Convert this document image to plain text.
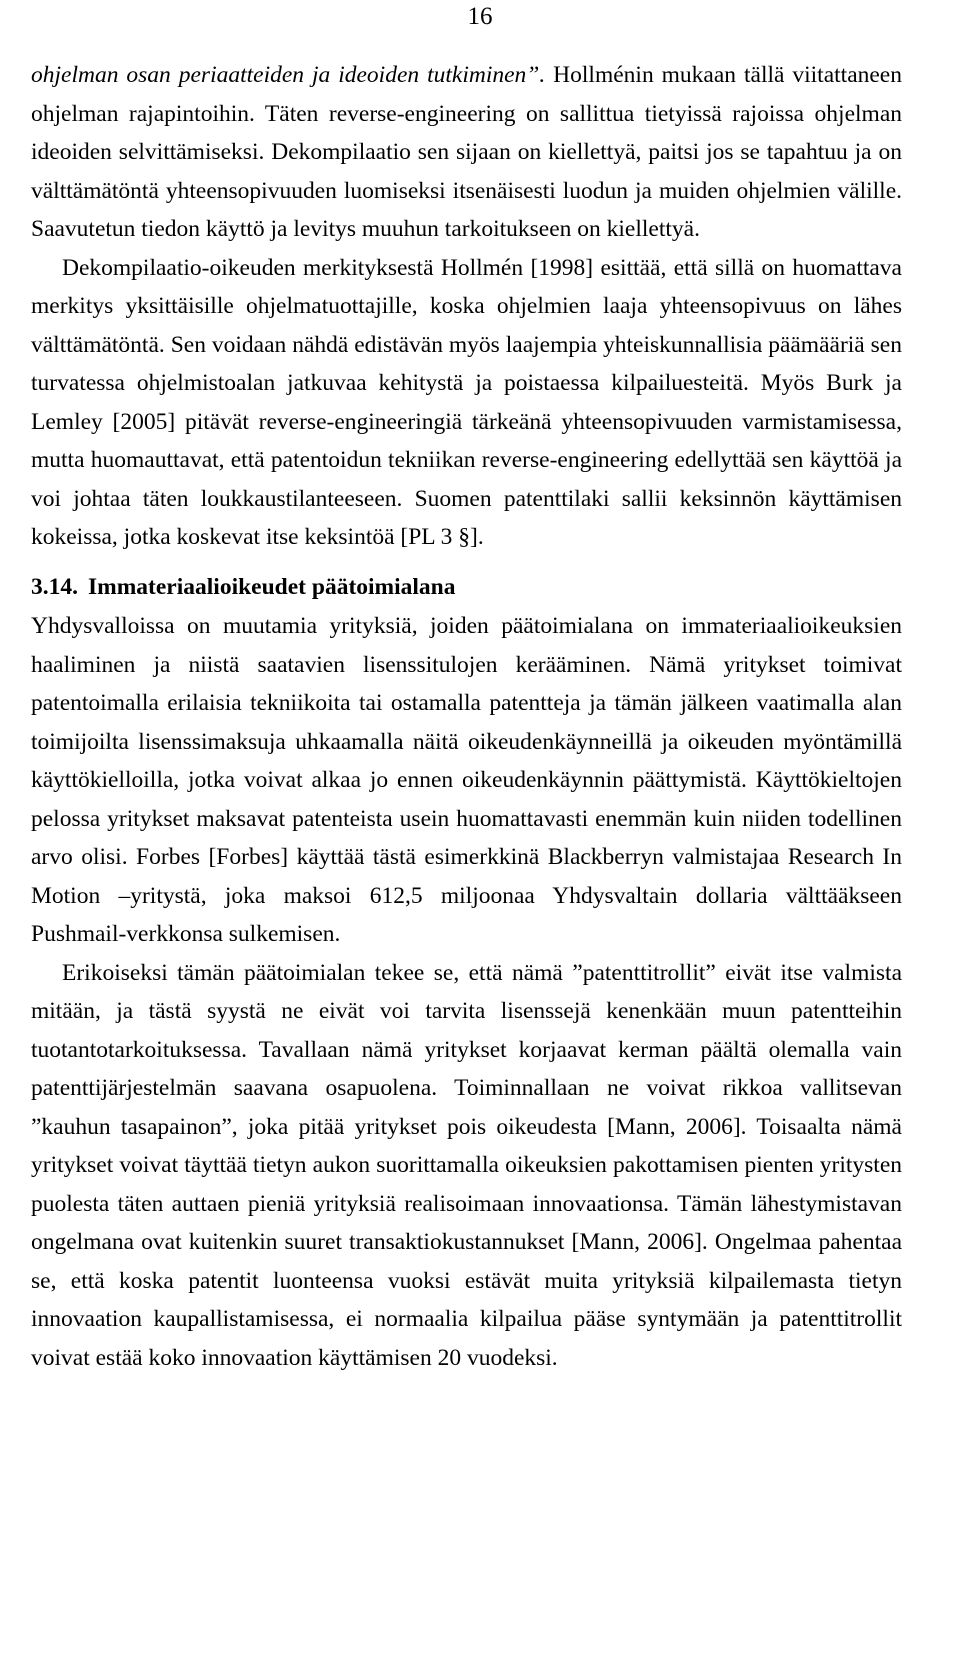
16

ohjelman osan periaatteiden ja ideoiden tutkiminen”. Hollménin mukaan tällä viitattaneen ohjelman rajapintoihin. Täten reverse-engineering on sallittua tietyissä rajoissa ohjelman ideoiden selvittämiseksi. Dekompilaatio sen sijaan on kiellettyä, paitsi jos se tapahtuu ja on välttämätöntä yhteensopivuuden luomiseksi itsenäisesti luodun ja muiden ohjelmien välille. Saavutetun tiedon käyttö ja levitys muuhun tarkoitukseen on kiellettyä.

Dekompilaatio-oikeuden merkityksestä Hollmén [1998] esittää, että sillä on huomattava merkitys yksittäisille ohjelmatuottajille, koska ohjelmien laaja yhteensopivuus on lähes välttämätöntä. Sen voidaan nähdä edistävän myös laajempia yhteiskunnallisia päämääriä sen turvatessa ohjelmistoalan jatkuvaa kehitystä ja poistaessa kilpailuesteitä. Myös Burk ja Lemley [2005] pitävät reverse-engineeringiä tärkeänä yhteensopivuuden varmistamisessa, mutta huomauttavat, että patentoidun tekniikan reverse-engineering edellyttää sen käyttöä ja voi johtaa täten loukkaustilanteeseen. Suomen patenttilaki sallii keksinnön käyttämisen kokeissa, jotka koskevat itse keksintöä [PL 3 §].

3.14. Immateriaalioikeudet päätoimialana

Yhdysvalloissa on muutamia yrityksiä, joiden päätoimialana on immateriaalioikeuksien haaliminen ja niistä saatavien lisenssitulojen kerääminen. Nämä yritykset toimivat patentoimalla erilaisia tekniikoita tai ostamalla patentteja ja tämän jälkeen vaatimalla alan toimijoilta lisenssimaksuja uhkaamalla näitä oikeudenkäynneillä ja oikeuden myöntämillä käyttökielloilla, jotka voivat alkaa jo ennen oikeudenkäynnin päättymistä. Käyttökieltojen pelossa yritykset maksavat patenteista usein huomattavasti enemmän kuin niiden todellinen arvo olisi. Forbes [Forbes] käyttää tästä esimerkkinä Blackberryn valmistajaa Research In Motion –yritystä, joka maksoi 612,5 miljoonaa Yhdysvaltain dollaria välttääkseen Pushmail-verkkonsa sulkemisen.

Erikoiseksi tämän päätoimialan tekee se, että nämä ”patenttitrollit” eivät itse valmista mitään, ja tästä syystä ne eivät voi tarvita lisenssejä kenenkään muun patentteihin tuotantotarkoituksessa. Tavallaan nämä yritykset korjaavat kerman päältä olemalla vain patenttijärjestelmän saavana osapuolena. Toiminnallaan ne voivat rikkoa vallitsevan ”kauhun tasapainon”, joka pitää yritykset pois oikeudesta [Mann, 2006]. Toisaalta nämä yritykset voivat täyttää tietyn aukon suorittamalla oikeuksien pakottamisen pienten yritysten puolesta täten auttaen pieniä yrityksiä realisoimaan innovaationsa. Tämän lähestymistavan ongelmana ovat kuitenkin suuret transaktiokustannukset [Mann, 2006]. Ongelmaa pahentaa se, että koska patentit luonteensa vuoksi estävät muita yrityksiä kilpailemasta tietyn innovaation kaupallistamisessa, ei normaalia kilpailua pääse syntymään ja patenttitrollit voivat estää koko innovaation käyttämisen 20 vuodeksi.
